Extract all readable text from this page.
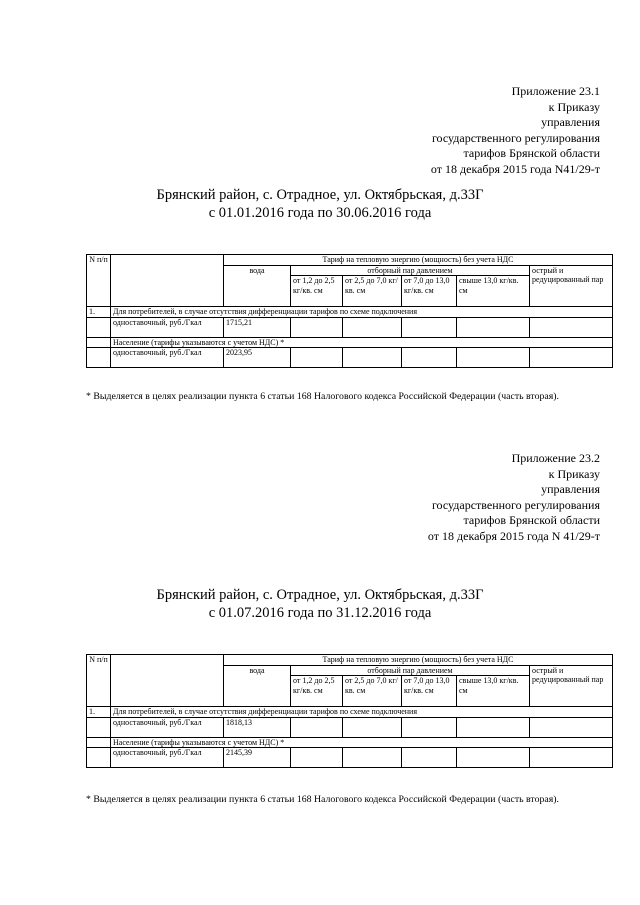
Приложение 23.1
к Приказу
управления
государственного регулирования
тарифов Брянской области
от 18 декабря 2015 года N41/29-т
Брянский район, с. Отрадное, ул. Октябрьская, д.33Г
с 01.01.2016 года по 30.06.2016 года
N п/п		Тариф на тепловую энергию (мощность) без учета НДС					
		вода	отборный пар давлением				острый и редуцированный пар
			от 1,2 до 2,5 кг/кв. см	от 2,5 до 7,0 кг/кв. см	от 7,0 до 13,0 кг/кв. см	свыше 13,0 кг/кв. см	
1.	Для потребителей, в случае отсутствия дифференциации тарифов по схеме подключения						
	одноставочный, руб./Гкал	1715,21					
	Население (тарифы указываются с учетом НДС) *						
	одноставочный, руб./Гкал	2023,95					
* Выделяется в целях реализации пункта 6 статьи 168 Налогового кодекса Российской Федерации (часть вторая).
Приложение 23.2
к Приказу
управления
государственного регулирования
тарифов Брянской области
от 18 декабря 2015 года N 41/29-т
Брянский район, с. Отрадное, ул. Октябрьская, д.33Г
с 01.07.2016 года по 31.12.2016 года
N п/п		Тариф на тепловую энергию (мощность) без учета НДС					
		вода	отборный пар давлением				острый и редуцированный пар
			от 1,2 до 2,5 кг/кв. см	от 2,5 до 7,0 кг/кв. см	от 7,0 до 13,0 кг/кв. см	свыше 13,0 кг/кв. см	
1.	Для потребителей, в случае отсутствия дифференциации тарифов по схеме подключения						
	одноставочный, руб./Гкал	1818,13					
	Население (тарифы указываются с учетом НДС) *						
	одноставочный, руб./Гкал	2145,39					
* Выделяется в целях реализации пункта 6 статьи 168 Налогового кодекса Российской Федерации (часть вторая).
